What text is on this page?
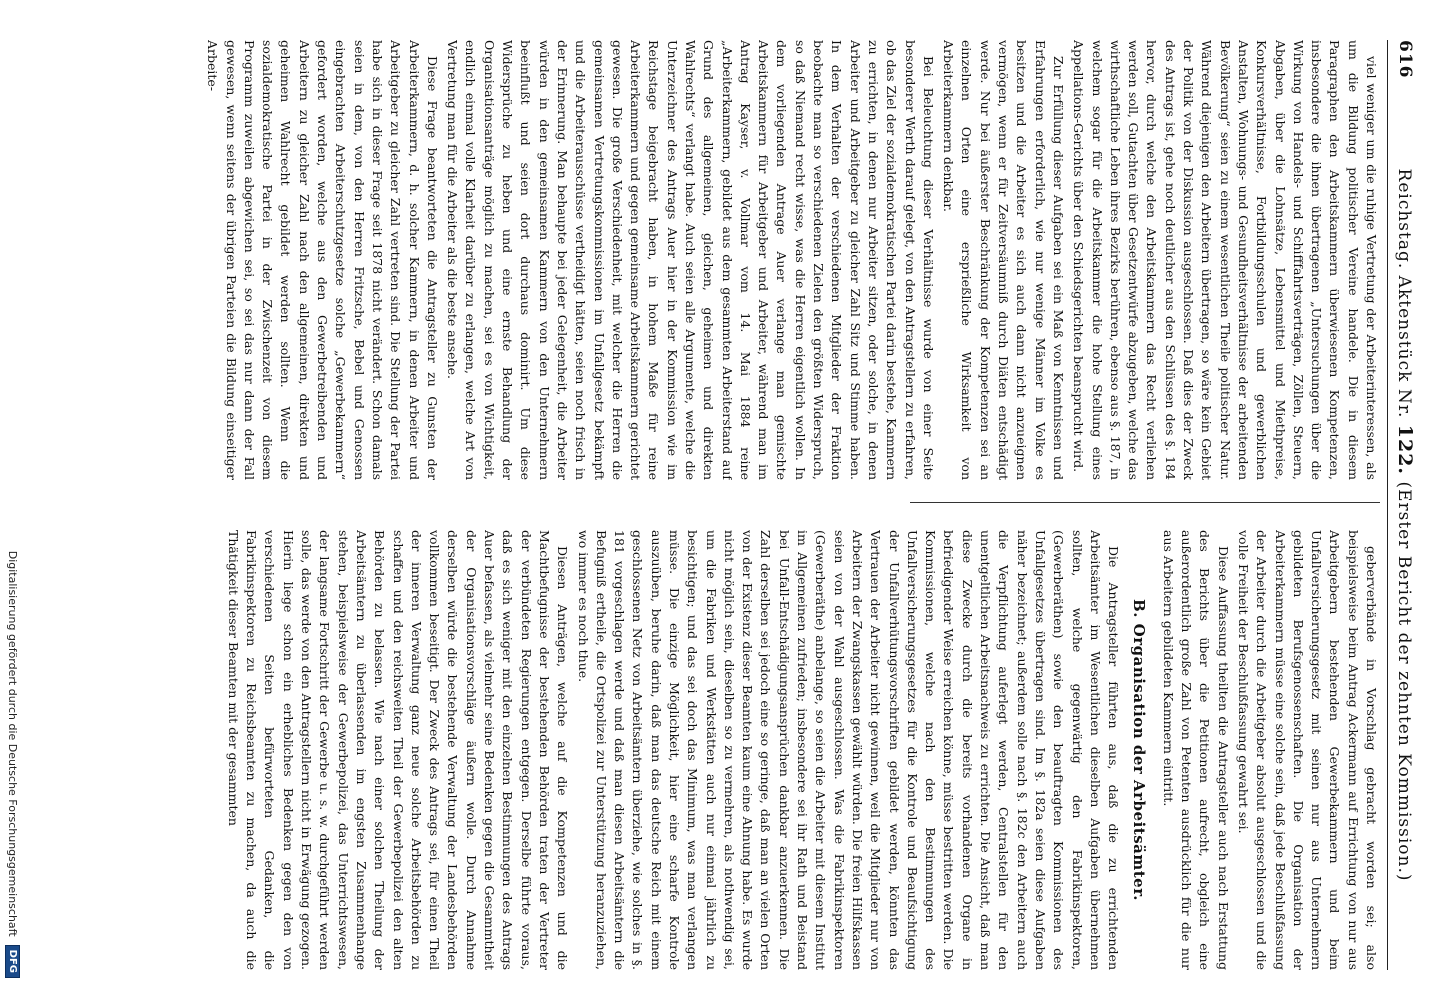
616
Reichstag. Aktenstück Nr. 122. (Erster Bericht der zehnten Kommission.)

viel weniger um die ruhige Vertretung der Arbeiterinteressen, als um die Bildung politischer Vereine handele. Die in diesem Paragraphen den Arbeitskammern überwiesenen Kompetenzen, insbesondere die ihnen übertragenen „Untersuchungen über die Wirkung von Handels- und Schifffahrtsverträgen, Zöllen, Steuern, Abgaben, über die Lohnsätze, Lebensmittel und Miethpreise, Konkursverhältnisse, Fortbildungsschulen und gewerblichen Anstalten, Wohnungs- und Gesundheitsverhältnisse der arbeitenden Bevölkerung“ seien zu einem wesentlichen Theile politischer Natur. Während diejenigen den Arbeitern übertragen, so wäre kein Gebiet der Politik von der Diskussion ausgeschlossen. Daß dies der Zweck des Antrags ist, gehe noch deutlicher aus den Schlüssen des §. 184 hervor, durch welche den Arbeitskammern das Recht verliehen werden soll, Gutachten über Gesetzentwürfe abzugeben, welche das wirthschaftliche Leben ihres Bezirks berühren, ebenso aus §. 187, in welchem sogar für die Arbeitskammer die hohe Stellung eines Appellations-Gerichts über den Schiedsgerichten beansprucht wird.

Zur Erfüllung dieser Aufgaben sei ein Maß von Kenntnissen und Erfahrungen erforderlich, wie nur wenige Männer im Volke es besitzen und die Arbeiter es sich auch dann nicht anzueignen vermögen, wenn er für Zeitversäumniß durch Diäten entschädigt werde. Nur bei äußerster Beschränkung der Kompetenzen sei an einzelnen Orten eine ersprießliche Wirksamkeit von Arbeiterkammern denkbar.

Bei Beleuchtung dieser Verhältnisse wurde von einer Seite besonderer Werth darauf gelegt, von den Antragstellern zu erfahren, ob das Ziel der sozialdemokratischen Partei darin bestehe, Kammern zu errichten, in denen nur Arbeiter sitzen, oder solche, in denen Arbeiter und Arbeitgeber zu gleicher Zahl Sitz und Stimme haben. In dem Verhalten der verschiedenen Mitglieder der Fraktion beobachte man so verschiedenen Zielen den größten Widerspruch, so daß Niemand recht wisse, was die Herren eigentlich wollen. In dem vorliegenden Antrage Auer verlange man gemischte Arbeitskammern für Arbeitgeber und Arbeiter, während man im Antrag Kayser, v. Vollmar vom 14. Mai 1884 reine „Arbeiterkammern, gebildet aus dem gesammten Arbeiterstand auf Grund des allgemeinen, gleichen, geheimen und direkten Wahlrechts“ verlangt habe. Auch seien alle Argumente, welche die Unterzeichner des Antrags Auer hier in der Kommission wie im Reichstage beigebracht haben, in hohem Maße für reine Arbeiterkammern und gegen gemeinsame Arbeitskammern gerichtet gewesen. Die große Verschiedenheit, mit welcher die Herren die gemeinsamen Vertretungskommissionen im Unfallgesetz bekämpft und die Arbeiterausschüsse vertheidigt hätten, seien noch frisch in der Erinnerung. Man behaupte bei jeder Gelegenheit, die Arbeiter würden in den gemeinsamen Kammern von den Unternehmern beeinflußt und seien dort durchaus dominirt. Um diese Widersprüche zu heben und eine ernste Behandlung der Organisationsanträge möglich zu machen, sei es von Wichtigkeit, endlich einmal volle Klarheit darüber zu erlangen, welche Art von Vertretung man für die Arbeiter als die beste ansehe.

Diese Frage beantworteten die Antragsteller zu Gunsten der Arbeiterkammern, d. h. solcher Kammern, in denen Arbeiter und Arbeitgeber zu gleicher Zahl vertreten sind. Die Stellung der Partei habe sich in dieser Frage seit 1878 nicht verändert. Schon damals seien in dem, von den Herren Fritzsche, Bebel und Genossen eingebrachten Arbeiterschutzgesetze solche „Gewerbekammern“ gefordert worden, welche aus den Gewerbetreibenden und Arbeitern zu gleicher Zahl nach den allgemeinen, direkten und geheimen Wahlrecht gebildet werden sollten. Wenn die sozialdemokratische Partei in der Zwischenzeit von diesem Programm zuweilen abgewichen sei, so sei das nur dann der Fall gewesen, wenn seitens der übrigen Parteien die Bildung einseitiger Arbeite-

geberverbände in Vorschlag gebracht worden sei; also beispielsweise beim Antrag Ackermann auf Errichtung von nur aus Arbeitgebern bestehenden Gewerbekammern und beim Unfallversicherungsgesetz mit seinen nur aus Unternehmern gebildeten Berufsgenossenschaften. Die Organisation der Arbeiterkammern müsse eine solche sein, daß jede Beschlußfassung der Arbeiter durch die Arbeitgeber absolut ausgeschlossen und die volle Freiheit der Beschlußfassung gewahrt sei.

Diese Auffassung theilten die Antragsteller auch nach Erstattung des Berichts über die Petitionen aufrecht, obgleich eine außerordentlich große Zahl von Petenten ausdrücklich für die nur aus Arbeitern gebildeten Kammern eintritt.

B. Organisation der Arbeitsämter.

Die Antragsteller führten aus, daß die zu errichtenden Arbeitsämter im Wesentlichen dieselben Aufgaben übernehmen sollten, welche gegenwärtig den Fabrikinspektoren, (Gewerberäthen) sowie den beauftragten Kommissionen des Unfallgesetzes übertragen sind. Im §. 182a seien diese Aufgaben näher bezeichnet; außerdem solle nach §. 182c den Arbeitern auch die Verpflichtung auferlegt werden, Centralstellen für den unentgeltlichen Arbeitsnachweis zu errichten. Die Ansicht, daß man diese Zwecke durch die bereits vorhandenen Organe in befriedigender Weise erreichen könne, müsse bestritten werden. Die Kommissionen, welche nach den Bestimmungen des Unfallversicherungsgesetzes für die Kontrole und Beaufsichtigung der Unfallverhütungsvorschriften gebildet werden, könnten das Vertrauen der Arbeiter nicht gewinnen, weil die Mitglieder nur von Arbeitern der Zwangskassen gewählt würden. Die freien Hilfskassen seien von der Wahl ausgeschlossen. Was die Fabrikinspektoren (Gewerberäthe) anbelange, so seien die Arbeiter mit diesem Institut im Allgemeinen zufrieden; insbesondere sei ihr Rath und Beistand bei Unfall-Entschädigungsansprüchen dankbar anzuerkennen. Die Zahl derselben sei jedoch eine so geringe, daß man an vielen Orten von der Existenz dieser Beamten kaum eine Ahnung habe. Es wurde nicht möglich sein, dieselben so zu vermehren, als nothwendig sei, um die Fabriken und Werkstätten auch nur einmal jährlich zu besichtigen; und das sei doch das Minimum, was man verlangen müsse. Die einzige Möglichkeit, hier eine scharfe Kontrole auszuüben, beruhe darin, daß man das deutsche Reich mit einem geschlossenen Netz von Arbeitsämtern überziehe, wie solches in §. 181 vorgeschlagen werde und daß man diesen Arbeitsämtern die Befugniß ertheile, die Ortspolizei zur Unterstützung heranzuziehen, wo immer es noch thue.

Diesen Anträgen, welche auf die Kompetenzen und die Machtbefugnisse der bestehenden Behörden traten der Vertreter der verbündeten Regierungen entgegen. Derselbe führte voraus, daß es sich weniger mit den einzelnen Bestimmungen des Antrags Auer befassen, als vielmehr seine Bedenken gegen die Gesammtheit der Organisationsvorschläge äußern wolle. Durch Annahme derselben würde die bestehende Verwaltung der Landesbehörden vollkommen beseitigt. Der Zweck des Antrags sei, für einen Theil der inneren Verwaltung ganz neue solche Arbeitsbehörden zu schaffen und den reichsweiten Theil der Gewerbepolizei den alten Behörden zu belassen. Wie nach einer solchen Theilung der Arbeitsämtern zu überlassenden im engsten Zusammenhange stehen, beispielsweise der Gewerbepolizei, das Unterrichtswesen, der langsame Fortschritt der Gewerbe u. s. w. durchgeführt werden solle, das werde von den Antragstellern nicht in Erwägung gezogen. Hierin liege schon ein erhebliches Bedenken gegen den von verschiedenen Seiten befürworteten Gedanken, die Fabrikinspektoren zu Reichsbeamten zu machen, da auch die Thätigkeit dieser Beamten mit der gesammten

Digitalisierung gefördert durch die Deutsche Forschungsgemeinschaft
DFG
